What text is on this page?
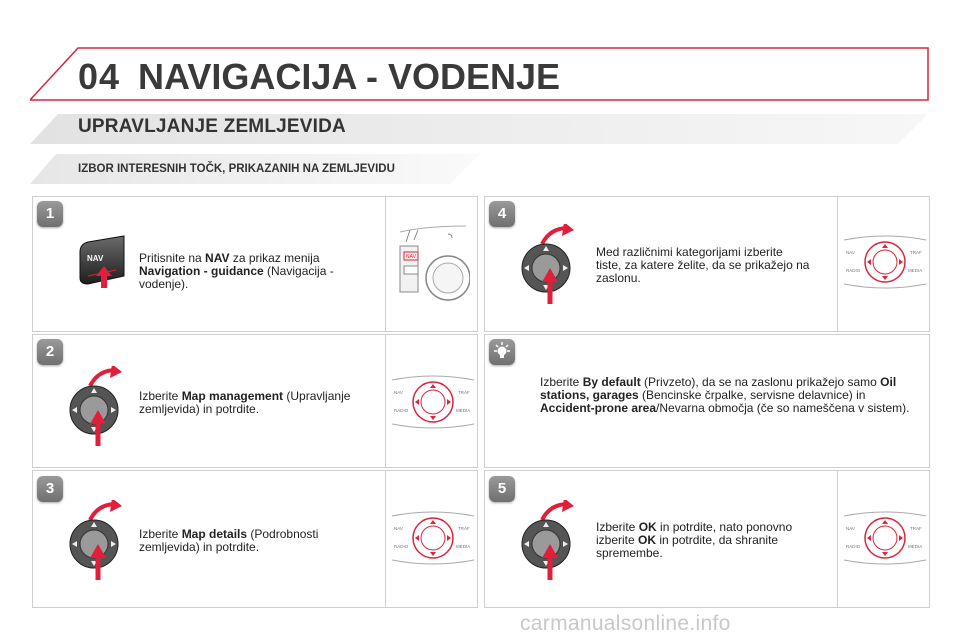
04 NAVIGACIJA - VODENJE
UPRAVLJANJE ZEMLJEVIDA
IZBOR INTERESNIH TOČK, PRIKAZANIH NA ZEMLJEVIDU
1
NAV	Pritisnite na NAV za prikaz menija Navigation - guidance (Navigacija - vodenje).
NAV
2
Izberite Map management (Upravljanje zemljevida) in potrdite.
NAV	TRAF
RADIO	MEDIA
3
Izberite Map details (Podrobnosti zemljevida) in potrdite.
NAV	TRAF
RADIO	MEDIA
4
Med različnimi kategorijami izberite tiste, za katere želite, da se prikažejo na zaslonu.
NAV	TRAF
RADIO	MEDIA
Izberite By default (Privzeto), da se na zaslonu prikažejo samo Oil stations, garages (Bencinske črpalke, servisne delavnice) in Accident-prone area/Nevarna območja (če so nameščena v sistem).
5
Izberite OK in potrdite, nato ponovno izberite OK in potrdite, da shranite spremembe.
NAV	TRAF
RADIO	MEDIA
carmanualsonline.info
